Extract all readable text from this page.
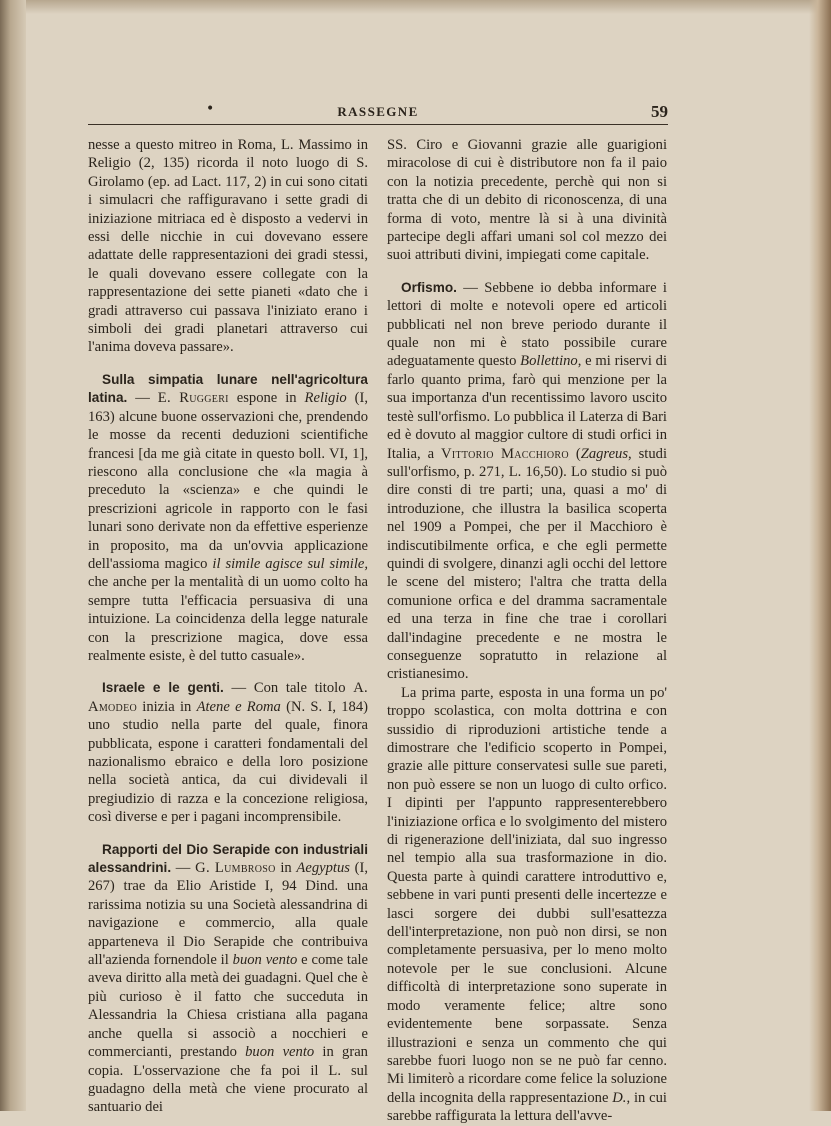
•	RASSEGNE	59

nesse a questo mitreo in Roma, L. Massimo in Religio (2, 135) ricorda il noto luogo di S. Girolamo (ep. ad Lact. 117, 2) in cui sono citati i simulacri che raffiguravano i sette gradi di iniziazione mitriaca ed è disposto a vedervi in essi delle nicchie in cui dovevano essere adattate delle rappresentazioni dei gradi stessi, le quali dovevano essere collegate con la rappresentazione dei sette pianeti «dato che i gradi attraverso cui passava l'iniziato erano i simboli dei gradi planetari attraverso cui l'anima doveva passare».

Sulla simpatia lunare nell'agricoltura latina. — E. Ruggeri espone in Religio (I, 163) alcune buone osservazioni che, prendendo le mosse da recenti deduzioni scientifiche francesi [da me già citate in questo boll. VI, 1], riescono alla conclusione che «la magia à preceduto la «scienza» e che quindi le prescrizioni agricole in rapporto con le fasi lunari sono derivate non da effettive esperienze in proposito, ma da un'ovvia applicazione dell'assioma magico il simile agisce sul simile, che anche per la mentalità di un uomo colto ha sempre tutta l'efficacia persuasiva di una intuizione. La coincidenza della legge naturale con la prescrizione magica, dove essa realmente esiste, è del tutto casuale».

Israele e le genti. — Con tale titolo A. Amodeo inizia in Atene e Roma (N. S. I, 184) uno studio nella parte del quale, finora pubblicata, espone i caratteri fondamentali del nazionalismo ebraico e della loro posizione nella società antica, da cui dividevali il pregiudizio di razza e la concezione religiosa, così diverse e per i pagani incomprensibile.

Rapporti del Dio Serapide con industriali alessandrini. — G. Lumbroso in Aegyptus (I, 267) trae da Elio Aristide I, 94 Dind. una rarissima notizia su una Società alessandrina di navigazione e commercio, alla quale apparteneva il Dio Serapide che contribuiva all'azienda fornendole il buon vento e come tale aveva diritto alla metà dei guadagni. Quel che è più curioso è il fatto che succeduta in Alessandria la Chiesa cristiana alla pagana anche quella si associò a nocchieri e commercianti, prestando buon vento in gran copia. L'osservazione che fa poi il L. sul guadagno della metà che viene procurato al santuario dei

SS. Ciro e Giovanni grazie alle guarigioni miracolose di cui è distributore non fa il paio con la notizia precedente, perchè qui non si tratta che di un debito di riconoscenza, di una forma di voto, mentre là si à una divinità partecipe degli affari umani sol col mezzo dei suoi attributi divini, impiegati come capitale.

Orfismo. — Sebbene io debba informare i lettori di molte e notevoli opere ed articoli pubblicati nel non breve periodo durante il quale non mi è stato possibile curare adeguatamente questo Bollettino, e mi riservi di farlo quanto prima, farò qui menzione per la sua importanza d'un recentissimo lavoro uscito testè sull'orfismo. Lo pubblica il Laterza di Bari ed è dovuto al maggior cultore di studi orfici in Italia, a Vittorio Macchioro (Zagreus, studi sull'orfismo, p. 271, L. 16,50). Lo studio si può dire consti di tre parti; una, quasi a mo' di introduzione, che illustra la basilica scoperta nel 1909 a Pompei, che per il Macchioro è indiscutibilmente orfica, e che egli permette quindi di svolgere, dinanzi agli occhi del lettore le scene del mistero; l'altra che tratta della comunione orfica e del dramma sacramentale ed una terza in fine che trae i corollari dall'indagine precedente e ne mostra le conseguenze sopratutto in relazione al cristianesimo.

La prima parte, esposta in una forma un po' troppo scolastica, con molta dottrina e con sussidio di riproduzioni artistiche tende a dimostrare che l'edificio scoperto in Pompei, grazie alle pitture conservatesi sulle sue pareti, non può essere se non un luogo di culto orfico. I dipinti per l'appunto rappresenterebbero l'iniziazione orfica e lo svolgimento del mistero di rigenerazione dell'iniziata, dal suo ingresso nel tempio alla sua trasformazione in dio. Questa parte à quindi carattere introduttivo e, sebbene in vari punti presenti delle incertezze e lasci sorgere dei dubbi sull'esattezza dell'interpretazione, non può non dirsi, se non completamente persuasiva, per lo meno molto notevole per le sue conclusioni. Alcune difficoltà di interpretazione sono superate in modo veramente felice; altre sono evidentemente bene sorpassate. Senza illustrazioni e senza un commento che qui sarebbe fuori luogo non se ne può far cenno. Mi limiterò a ricordare come felice la soluzione della incognita della rappresentazione D., in cui sarebbe raffigurata la lettura dell'avve-
